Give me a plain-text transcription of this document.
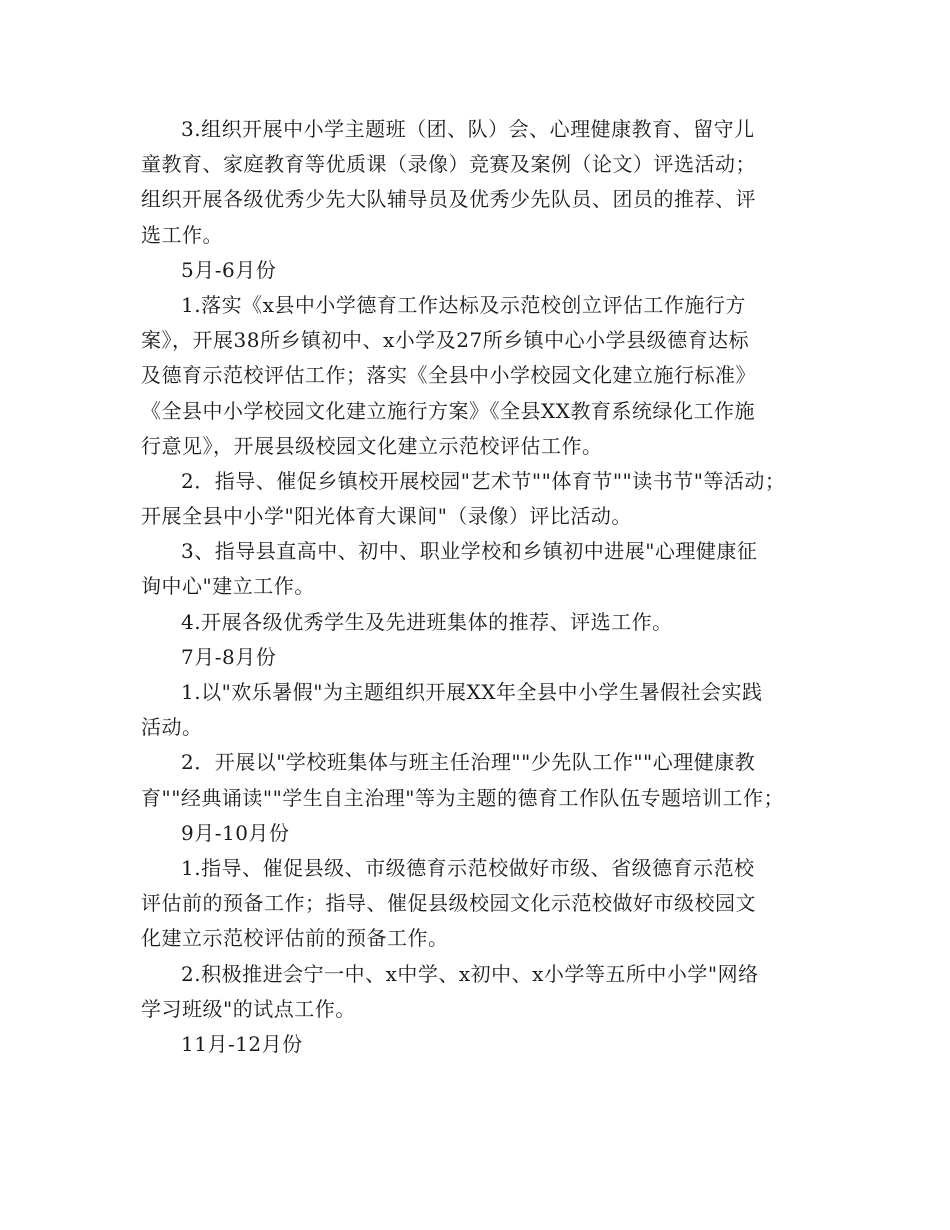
3.组织开展中小学主题班（团、队）会、心理健康教育、留守儿
童教育、家庭教育等优质课（录像）竞赛及案例（论文）评选活动；
组织开展各级优秀少先大队辅导员及优秀少先队员、团员的推荐、评
选工作。
5月-6月份
1.落实《x县中小学德育工作达标及示范校创立评估工作施行方
案》，开展38所乡镇初中、x小学及27所乡镇中心小学县级德育达标
及德育示范校评估工作；落实《全县中小学校园文化建立施行标准》
《全县中小学校园文化建立施行方案》《全县XX教育系统绿化工作施
行意见》，开展县级校园文化建立示范校评估工作。
2．指导、催促乡镇校开展校园"艺术节""体育节""读书节"等活动；
开展全县中小学"阳光体育大课间"（录像）评比活动。
3、指导县直高中、初中、职业学校和乡镇初中进展"心理健康征
询中心"建立工作。
4.开展各级优秀学生及先进班集体的推荐、评选工作。
7月-8月份
1.以"欢乐暑假"为主题组织开展XX年全县中小学生暑假社会实践
活动。
2．开展以"学校班集体与班主任治理""少先队工作""心理健康教
育""经典诵读""学生自主治理"等为主题的德育工作队伍专题培训工作；
9月-10月份
1.指导、催促县级、市级德育示范校做好市级、省级德育示范校
评估前的预备工作；指导、催促县级校园文化示范校做好市级校园文
化建立示范校评估前的预备工作。
2.积极推进会宁一中、x中学、x初中、x小学等五所中小学"网络
学习班级"的试点工作。
11月-12月份
